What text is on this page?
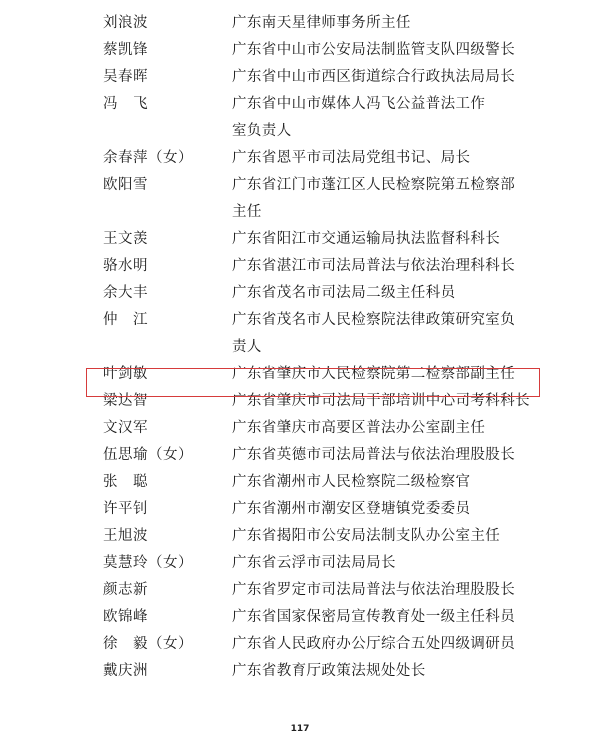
刘浪波	广东南天星律师事务所主任
蔡凯锋	广东省中山市公安局法制监管支队四级警长
吴春晖	广东省中山市西区街道综合行政执法局局长
冯　飞	广东省中山市媒体人冯飞公益普法工作室负责人
余春萍（女）	广东省恩平市司法局党组书记、局长
欧阳雪	广东省江门市蓬江区人民检察院第五检察部主任
王文羡	广东省阳江市交通运输局执法监督科科长
骆水明	广东省湛江市司法局普法与依法治理科科长
余大丰	广东省茂名市司法局二级主任科员
仲　江	广东省茂名市人民检察院法律政策研究室负责人
叶剑敏	广东省肇庆市人民检察院第二检察部副主任
梁达智	广东省肇庆市司法局干部培训中心司考科科长
文汉军	广东省肇庆市高要区普法办公室副主任
伍思瑜（女）	广东省英德市司法局普法与依法治理股股长
张　聪	广东省潮州市人民检察院二级检察官
许平钊	广东省潮州市潮安区登塘镇党委委员
王旭波	广东省揭阳市公安局法制支队办公室主任
莫慧玲（女）	广东省云浮市司法局局长
颜志新	广东省罗定市司法局普法与依法治理股股长
欧锦峰	广东省国家保密局宣传教育处一级主任科员
徐　毅（女）	广东省人民政府办公厅综合五处四级调研员
戴庆洲	广东省教育厅政策法规处处长
117
